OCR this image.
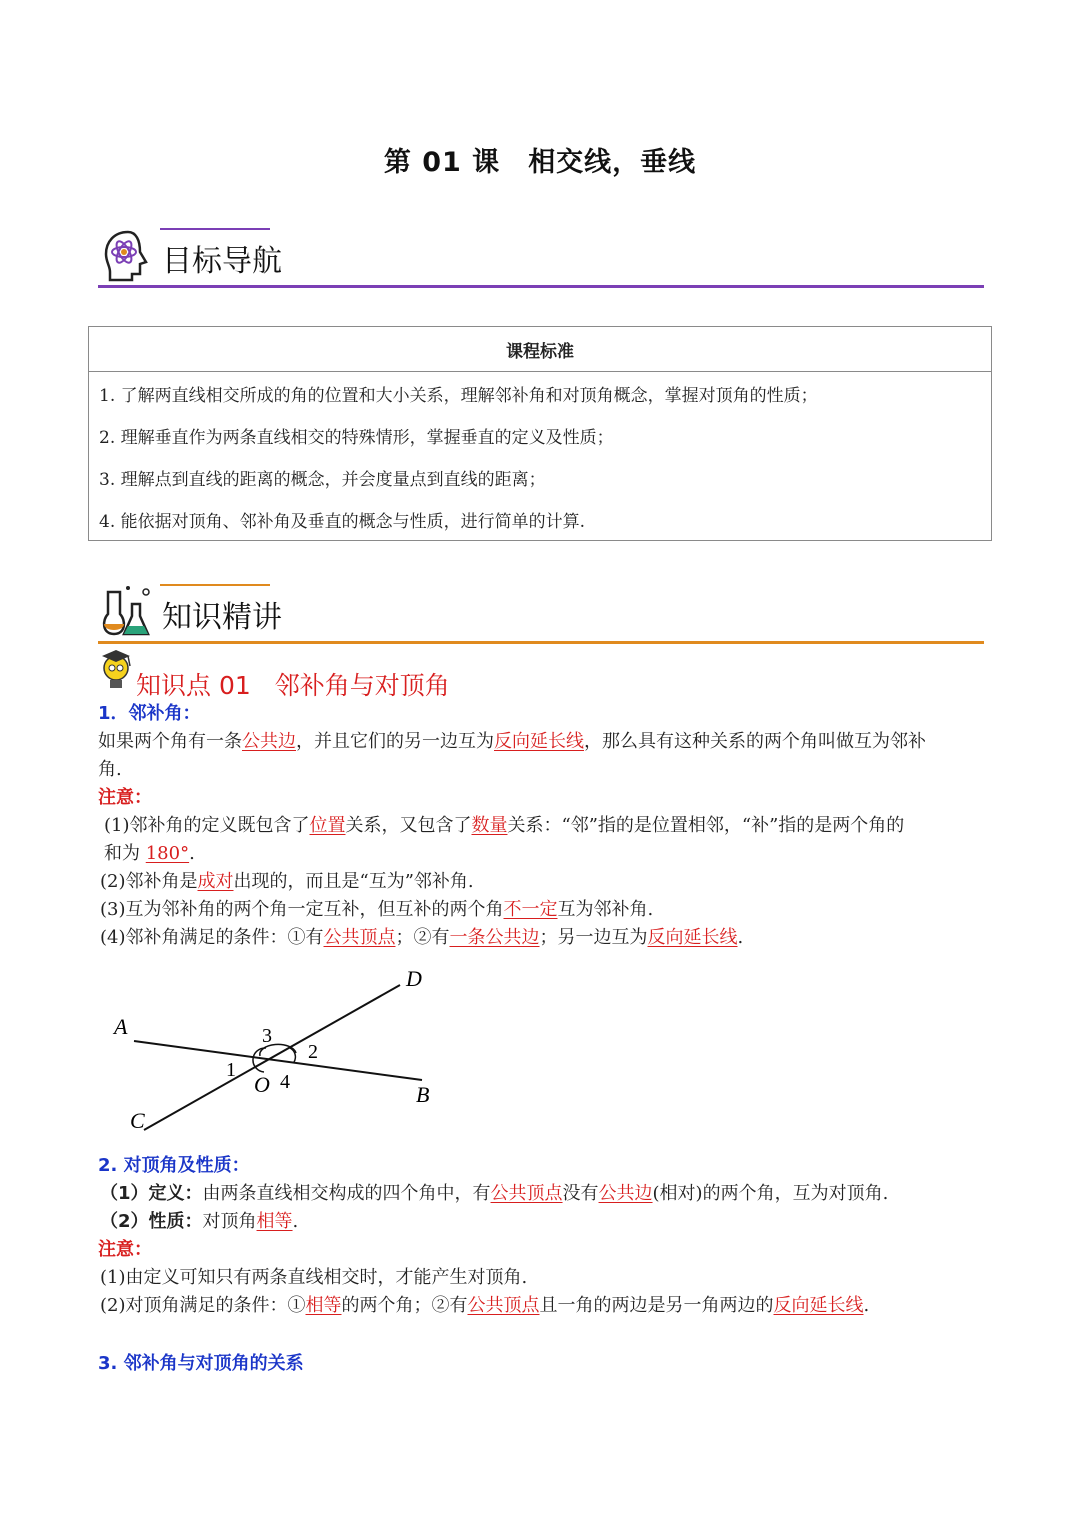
第 01 课 相交线，垂线
目标导航
课程标准
1. 了解两直线相交所成的角的位置和大小关系，理解邻补角和对顶角概念，掌握对顶角的性质；
2. 理解垂直作为两条直线相交的特殊情形，掌握垂直的定义及性质；
3. 理解点到直线的距离的概念，并会度量点到直线的距离；
4. 能依据对顶角、邻补角及垂直的概念与性质，进行简单的计算.
知识精讲
知识点 01 邻补角与对顶角
1．邻补角：
如果两个角有一条公共边，并且它们的另一边互为反向延长线，那么具有这种关系的两个角叫做互为邻补
角.
注意：
(1)邻补角的定义既包含了位置关系，又包含了数量关系：“邻”指的是位置相邻，“补”指的是两个角的
和为 180°.
(2)邻补角是成对出现的，而且是“互为”邻补角.
(3)互为邻补角的两个角一定互补，但互补的两个角不一定互为邻补角.
(4)邻补角满足的条件：①有公共顶点；②有一条公共边；另一边互为反向延长线.
A
B
C
D
O
1
2
3
4
2. 对顶角及性质：
（1）定义：由两条直线相交构成的四个角中，有公共顶点没有公共边(相对)的两个角，互为对顶角.
（2）性质：对顶角相等.
注意：
(1)由定义可知只有两条直线相交时，才能产生对顶角.
(2)对顶角满足的条件：①相等的两个角；②有公共顶点且一角的两边是另一角两边的反向延长线.
3. 邻补角与对顶角的关系
